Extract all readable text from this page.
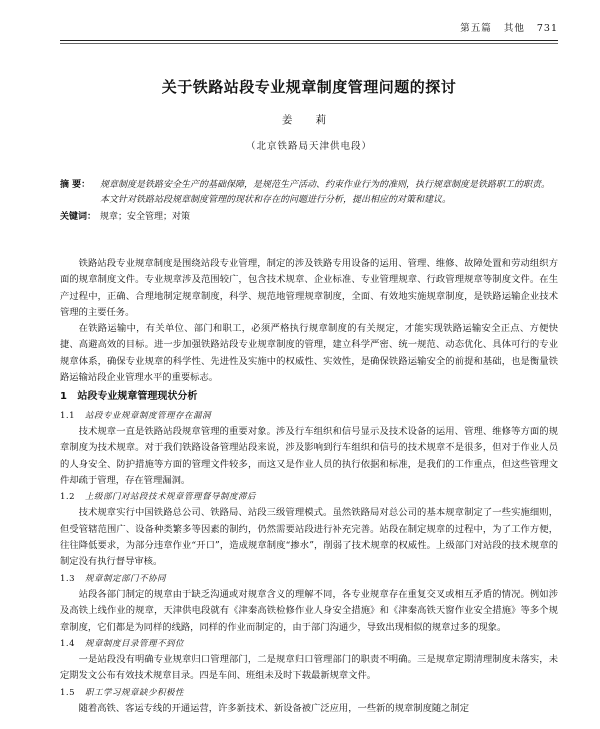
第五篇 其他 731
关于铁路站段专业规章制度管理问题的探讨
姜 莉
（北京铁路局天津供电段）
摘 要：	规章制度是铁路安全生产的基础保障，是规范生产活动、约束作业行为的准则，执行规章制度是铁路职工的职责。本文针对铁路站段规章制度管理的现状和存在的问题进行分析，提出相应的对策和建议。
关键词： 规章；安全管理；对策

铁路站段专业规章制度是围绕站段专业管理，制定的涉及铁路专用设备的运用、管理、维修、故障处置和劳动组织方面的规章制度文件。专业规章涉及范围较广，包含技术规章、企业标准、专业管理规章、行政管理规章等制度文件。在生产过程中，正确、合理地制定规章制度，科学、规范地管理规章制度，全面、有效地实施规章制度，是铁路运输企业技术管理的主要任务。

在铁路运输中，有关单位、部门和职工，必须严格执行规章制度的有关规定，才能实现铁路运输安全正点、方便快捷、高避高效的目标。进一步加强铁路站段专业规章制度的管理，建立科学严密、统一规范、动态优化、具体可行的专业规章体系，确保专业规章的科学性、先进性及实施中的权威性、实效性，是确保铁路运输安全的前提和基础，也是衡量铁路运输站段企业管理水平的重要标志。

1 站段专业规章管理现状分析
1.1 站段专业规章制度管理存在漏洞

技术规章一直是铁路站段规章管理的重要对象。涉及行车组织和信号显示及技术设备的运用、管理、维修等方面的规章制度为技术规章。对于我们铁路设备管理站段来说，涉及影响到行车组织和信号的技术规章不是很多，但对于作业人员的人身安全、防护措施等方面的管理文件较多，而这又是作业人员的执行依据和标准，是我们的工作重点，但这些管理文件却疏于管理，存在管理漏洞。

1.2 上级部门对站段技术规章管理督导制度滞后

技术规章实行中国铁路总公司、铁路局、站段三级管理模式。虽然铁路局对总公司的基本规章制定了一些实施细则，但受管辖范围广、设备种类繁多等因素的制约，仍然需要站段进行补充完善。站段在制定规章的过程中，为了工作方便，往往降低要求，为部分违章作业“开口”，造成规章制度“掺水”，削弱了技术规章的权威性。上级部门对站段的技术规章的制定没有执行督导审核。

1.3 规章制定部门不协同

站段各部门制定的规章由于缺乏沟通或对规章含义的理解不同，各专业规章存在重复交叉或相互矛盾的情况。例如涉及高铁上线作业的规章，天津供电段就有《津秦高铁检修作业人身安全措施》和《津秦高铁天窗作业安全措施》等多个规章制度，它们都是为同样的线路，同样的作业而制定的，由于部门沟通少，导致出现相似的规章过多的现象。

1.4 规章制度目录管理不到位

一是站段没有明确专业规章归口管理部门，二是规章归口管理部门的职责不明确。三是规章定期清理制度未落实，未定期发文公布有效技术规章目录。四是车间、班组未及时下载最新规章文件。

1.5 职工学习规章缺少积极性

随着高铁、客运专线的开通运营，许多新技术、新设备被广泛应用，一些新的规章制度随之制定
